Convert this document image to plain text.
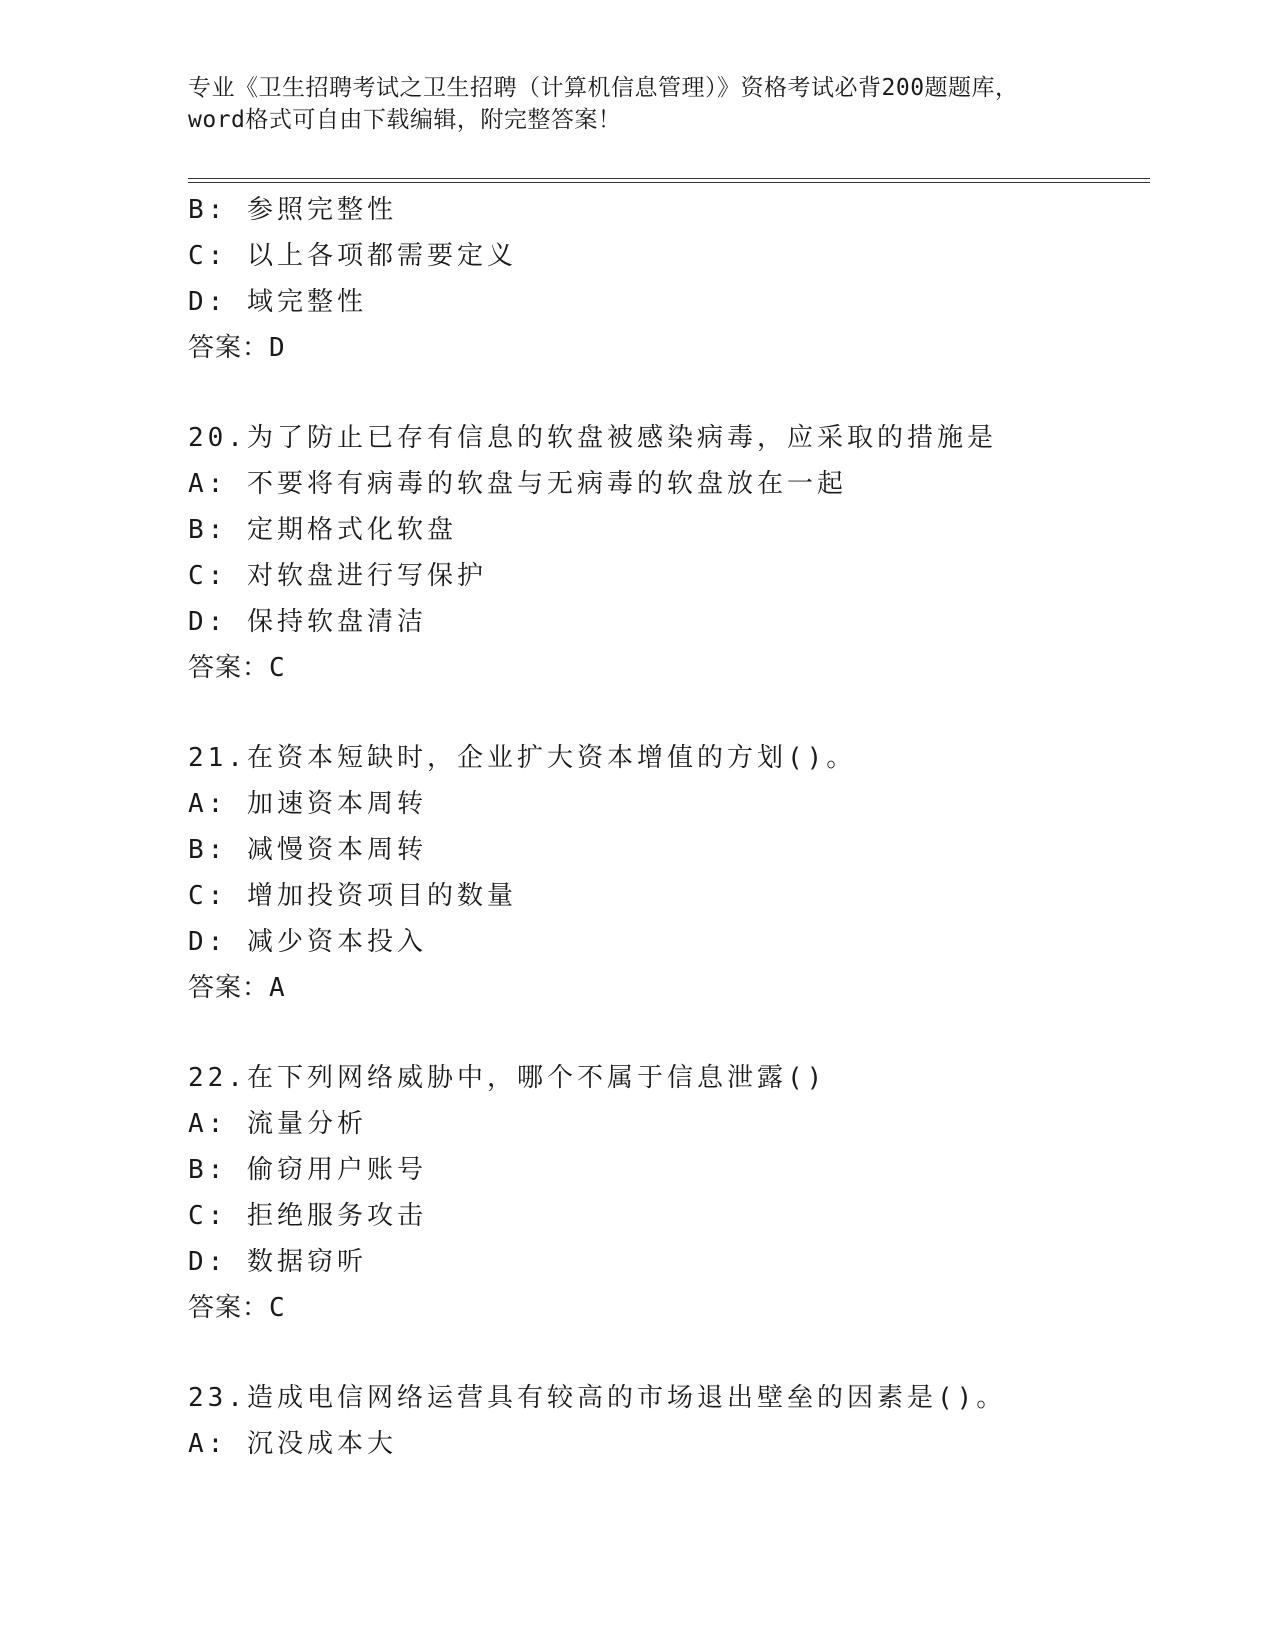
专业《卫生招聘考试之卫生招聘（计算机信息管理）》资格考试必背200题题库，
word格式可自由下载编辑，附完整答案！
B: 参照完整性
C: 以上各项都需要定义
D: 域完整性
答案：D
20.为了防止已存有信息的软盘被感染病毒，应采取的措施是
A: 不要将有病毒的软盘与无病毒的软盘放在一起
B: 定期格式化软盘
C: 对软盘进行写保护
D: 保持软盘清洁
答案：C
21.在资本短缺时，企业扩大资本增值的方划()。
A: 加速资本周转
B: 减慢资本周转
C: 增加投资项目的数量
D: 减少资本投入
答案：A
22.在下列网络威胁中，哪个不属于信息泄露()
A: 流量分析
B: 偷窃用户账号
C: 拒绝服务攻击
D: 数据窃听
答案：C
23.造成电信网络运营具有较高的市场退出壁垒的因素是()。
A: 沉没成本大
